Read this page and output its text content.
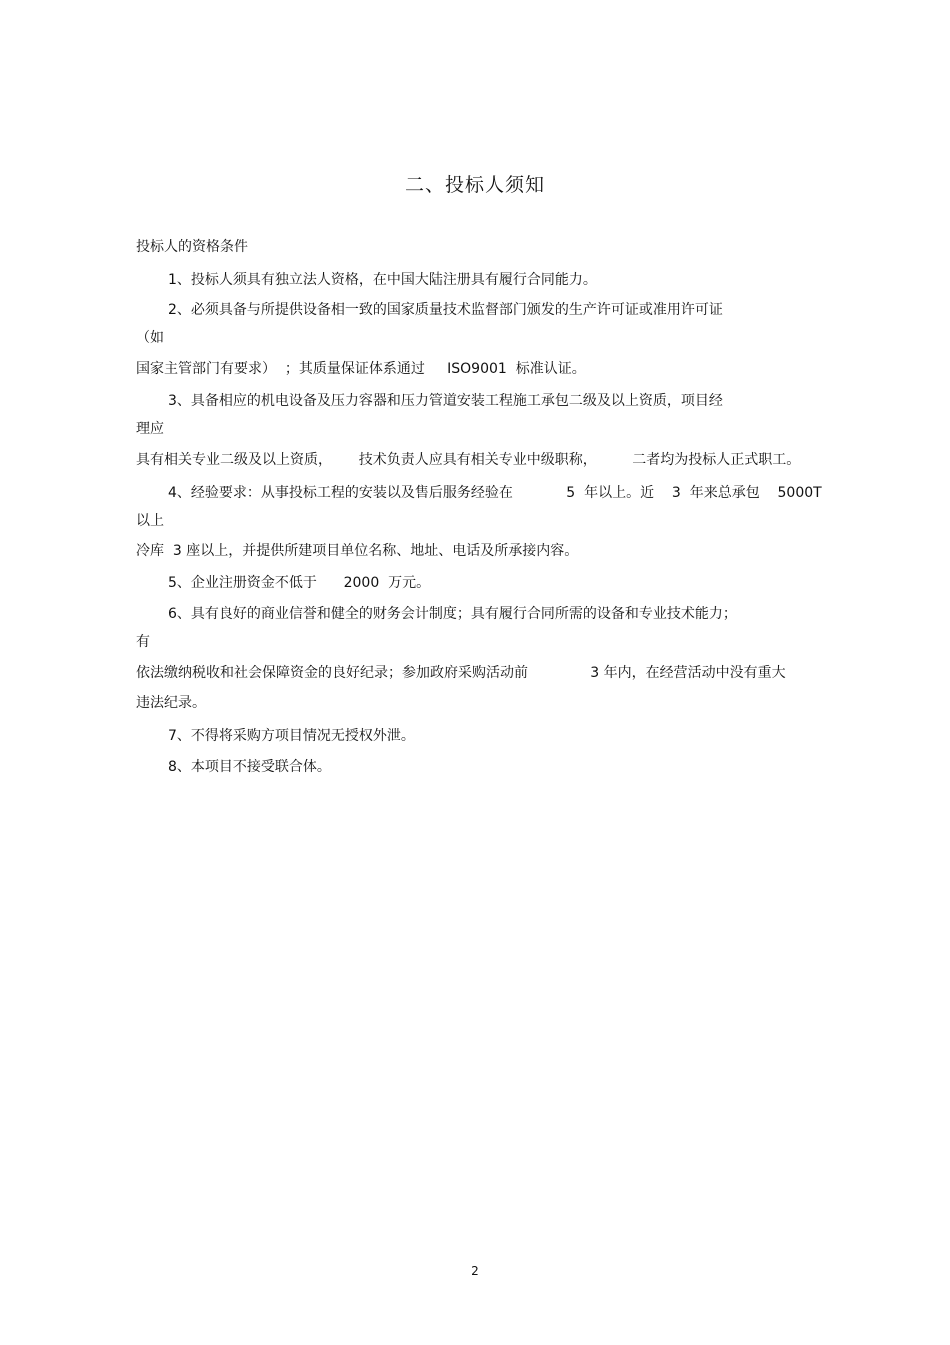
二、投标人须知

投标人的资格条件

1、投标人须具有独立法人资格，在中国大陆注册具有履行合同能力。

2、必须具备与所提供设备相一致的国家质量技术监督部门颁发的生产许可证或准用许可证

（如

国家主管部门有要求）  ；其质量保证体系通过     ISO9001  标准认证。

3、具备相应的机电设备及压力容器和压力管道安装工程施工承包二级及以上资质，项目经

理应

具有相关专业二级及以上资质，      技术负责人应具有相关专业中级职称，        二者均为投标人正式职工。

4、经验要求：从事投标工程的安装以及售后服务经验在            5  年以上。近    3  年来总承包    5000T

以上

冷库  3 座以上，并提供所建项目单位名称、地址、电话及所承接内容。

5、企业注册资金不低于      2000  万元。

6、具有良好的商业信誉和健全的财务会计制度；具有履行合同所需的设备和专业技术能力；

有

依法缴纳税收和社会保障资金的良好纪录；参加政府采购活动前              3 年内，在经营活动中没有重大

违法纪录。

7、不得将采购方项目情况无授权外泄。

8、本项目不接受联合体。

2
